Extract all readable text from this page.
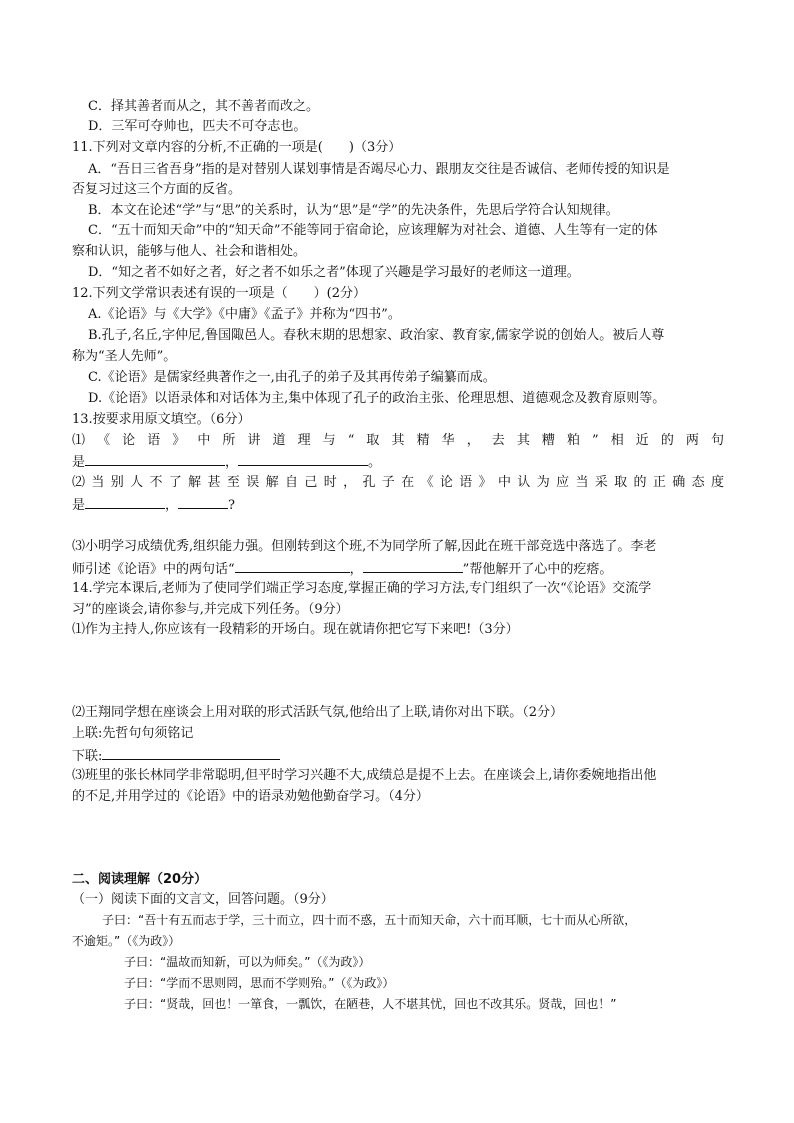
C．择其善者而从之，其不善者而改之。
D．三军可夺帅也，匹夫不可夺志也。
11.下列对文章内容的分析,不正确的一项是(　　)（3分）
A．“吾日三省吾身”指的是对替别人谋划事情是否竭尽心力、跟朋友交往是否诚信、老师传授的知识是
否复习过这三个方面的反省。
B．本文在论述“学”与“思”的关系时，认为“思”是“学”的先决条件，先思后学符合认知规律。
C．“五十而知天命”中的“知天命”不能等同于宿命论，应该理解为对社会、道德、人生等有一定的体
察和认识，能够与他人、社会和谐相处。
D．“知之者不如好之者，好之者不如乐之者”体现了兴趣是学习最好的老师这一道理。
12.下列文学常识表述有误的一项是（　　）(2分）
A.《论语》与《大学》《中庸》《孟子》并称为“四书”。
B.孔子,名丘,字仲尼,鲁国陬邑人。春秋末期的思想家、政治家、教育家,儒家学说的创始人。被后人尊
称为“圣人先师”。
C.《论语》是儒家经典著作之一,由孔子的弟子及其再传弟子编纂而成。
D.《论语》以语录体和对话体为主,集中体现了孔子的政治主张、伦理思想、道德观念及教育原则等。
13.按要求用原文填空。（6分）
⑴《论语》中所讲道理与“取其精华，去其糟粕”相近的两句
是	，	。
⑵当别人不了解甚至误解自己时，孔子在《论语》中认为应当采取的正确态度
是	，	?
⑶小明学习成绩优秀,组织能力强。但刚转到这个班,不为同学所了解,因此在班干部竞选中落选了。李老
师引述《论语》中的两句话“	，	”帮他解开了心中的疙瘩。
14.学完本课后,老师为了使同学们端正学习态度,掌握正确的学习方法,专门组织了一次“《论语》交流学
习”的座谈会,请你参与,并完成下列任务。（9分）
⑴作为主持人,你应该有一段精彩的开场白。现在就请你把它写下来吧!（3分）
⑵王翔同学想在座谈会上用对联的形式活跃气氛,他给出了上联,请你对出下联。（2分）
上联:先哲句句须铭记
下联:
⑶班里的张长林同学非常聪明,但平时学习兴趣不大,成绩总是提不上去。在座谈会上,请你委婉地指出他
的不足,并用学过的《论语》中的语录劝勉他勤奋学习。（4分）
二、阅读理解（20分）
（一）阅读下面的文言文，回答问题。（9分）
子曰：“吾十有五而志于学，三十而立，四十而不惑，五十而知天命，六十而耳顺，七十而从心所欲，
不逾矩。”（《为政》）
子曰：“温故而知新，可以为师矣。”（《为政》）
子曰：“学而不思则罔，思而不学则殆。”（《为政》）
子曰：“贤哉，回也！一箪食，一瓢饮，在陋巷，人不堪其忧，回也不改其乐。贤哉，回也！”
